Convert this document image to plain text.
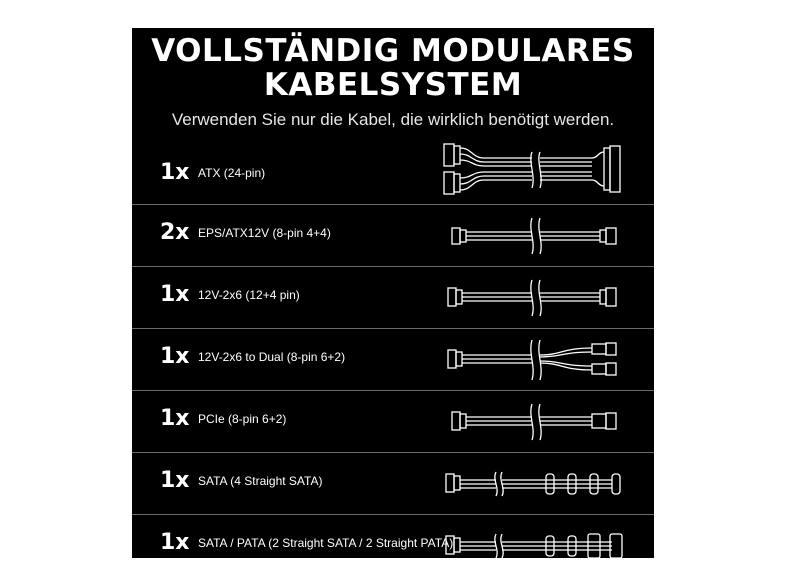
VOLLSTÄNDIG MODULARES
KABELSYSTEM
Verwenden Sie nur die Kabel, die wirklich benötigt werden.
1x ATX (24-pin)
2x EPS/ATX12V (8-pin 4+4)
1x 12V-2x6 (12+4 pin)
1x 12V-2x6 to Dual (8-pin 6+2)
1x PCIe (8-pin 6+2)
1x SATA (4 Straight SATA)
1x SATA / PATA (2 Straight SATA / 2 Straight PATA)
